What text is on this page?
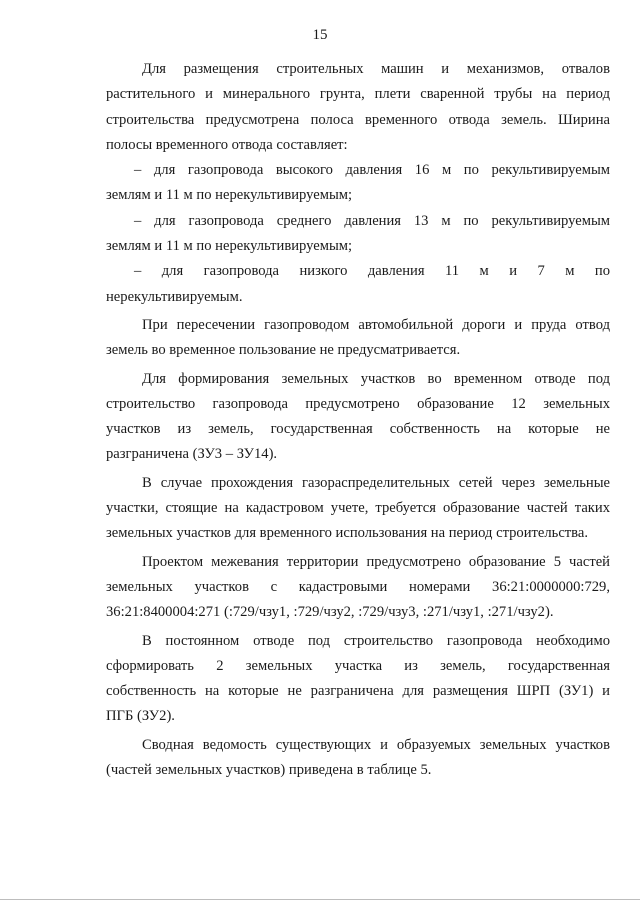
15
Для размещения строительных машин и механизмов, отвалов
растительного и минерального грунта, плети сваренной трубы на период
строительства предусмотрена полоса временного отвода земель. Ширина
полосы временного отвода составляет:
– для газопровода высокого давления 16 м по рекультивируемым
землям и 11 м по нерекультивируемым;
– для газопровода среднего давления 13 м по рекультивируемым
землям и 11 м по нерекультивируемым;
– для газопровода низкого давления 11 м и 7 м по
нерекультивируемым.
При пересечении газопроводом автомобильной дороги и пруда отвод
земель во временное пользование не предусматривается.
Для формирования земельных участков во временном отводе под
строительство газопровода предусмотрено образование 12 земельных
участков из земель, государственная собственность на которые не
разграничена (ЗУ3 – ЗУ14).
В случае прохождения газораспределительных сетей через земельные
участки, стоящие на кадастровом учете, требуется образование частей таких
земельных участков для временного использования на период строительства.
Проектом межевания территории предусмотрено образование 5 частей
земельных участков с кадастровыми номерами 36:21:0000000:729,
36:21:8400004:271 (:729/чзу1, :729/чзу2, :729/чзу3, :271/чзу1, :271/чзу2).
В постоянном отводе под строительство газопровода необходимо
сформировать 2 земельных участка из земель, государственная
собственность на которые не разграничена для размещения ШРП (ЗУ1) и
ПГБ (ЗУ2).
Сводная ведомость существующих и образуемых земельных участков
(частей земельных участков) приведена в таблице 5.
